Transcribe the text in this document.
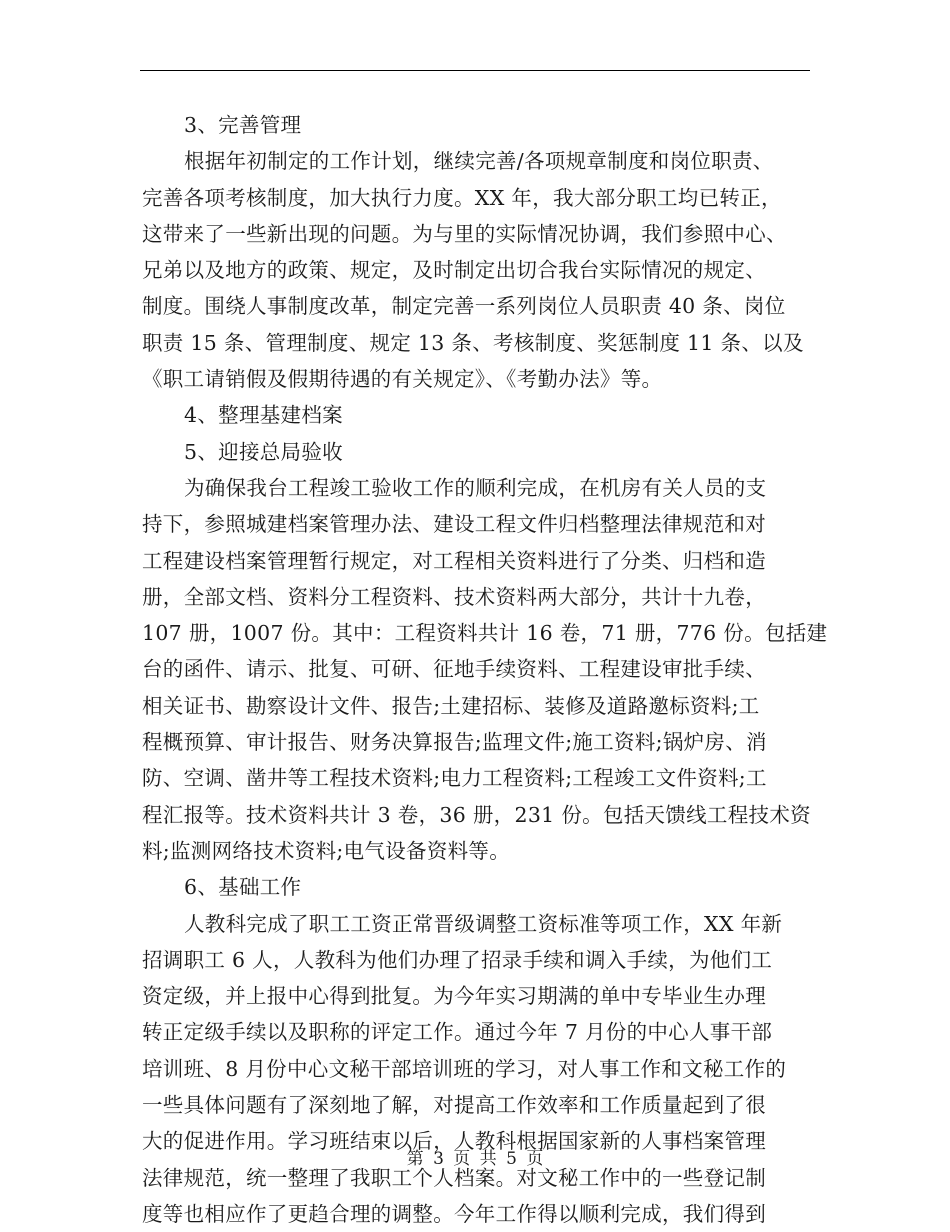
3、完善管理
根据年初制定的工作计划，继续完善/各项规章制度和岗位职责、
完善各项考核制度，加大执行力度。XX 年，我大部分职工均已转正，
这带来了一些新出现的问题。为与里的实际情况协调，我们参照中心、
兄弟以及地方的政策、规定，及时制定出切合我台实际情况的规定、
制度。围绕人事制度改革，制定完善一系列岗位人员职责 40 条、岗位
职责 15 条、管理制度、规定 13 条、考核制度、奖惩制度 11 条、以及
《职工请销假及假期待遇的有关规定》、《考勤办法》等。
4、整理基建档案
5、迎接总局验收
为确保我台工程竣工验收工作的顺利完成，在机房有关人员的支
持下，参照城建档案管理办法、建设工程文件归档整理法律规范和对
工程建设档案管理暂行规定，对工程相关资料进行了分类、归档和造
册，全部文档、资料分工程资料、技术资料两大部分，共计十九卷，
107 册，1007 份。其中：工程资料共计 16 卷，71 册，776 份。包括建
台的函件、请示、批复、可研、征地手续资料、工程建设审批手续、
相关证书、勘察设计文件、报告;土建招标、装修及道路邀标资料;工
程概预算、审计报告、财务决算报告;监理文件;施工资料;锅炉房、消
防、空调、凿井等工程技术资料;电力工程资料;工程竣工文件资料;工
程汇报等。技术资料共计 3 卷，36 册，231 份。包括天馈线工程技术资
料;监测网络技术资料;电气设备资料等。
6、基础工作
人教科完成了职工工资正常晋级调整工资标准等项工作，XX 年新
招调职工 6 人，人教科为他们办理了招录手续和调入手续，为他们工
资定级，并上报中心得到批复。为今年实习期满的单中专毕业生办理
转正定级手续以及职称的评定工作。通过今年 7 月份的中心人事干部
培训班、8 月份中心文秘干部培训班的学习，对人事工作和文秘工作的
一些具体问题有了深刻地了解，对提高工作效率和工作质量起到了很
大的促进作用。学习班结束以后，人教科根据国家新的人事档案管理
法律规范，统一整理了我职工个人档案。对文秘工作中的一些登记制
度等也相应作了更趋合理的调整。今年工作得以顺利完成，我们得到
第 3 页 共 5 页
